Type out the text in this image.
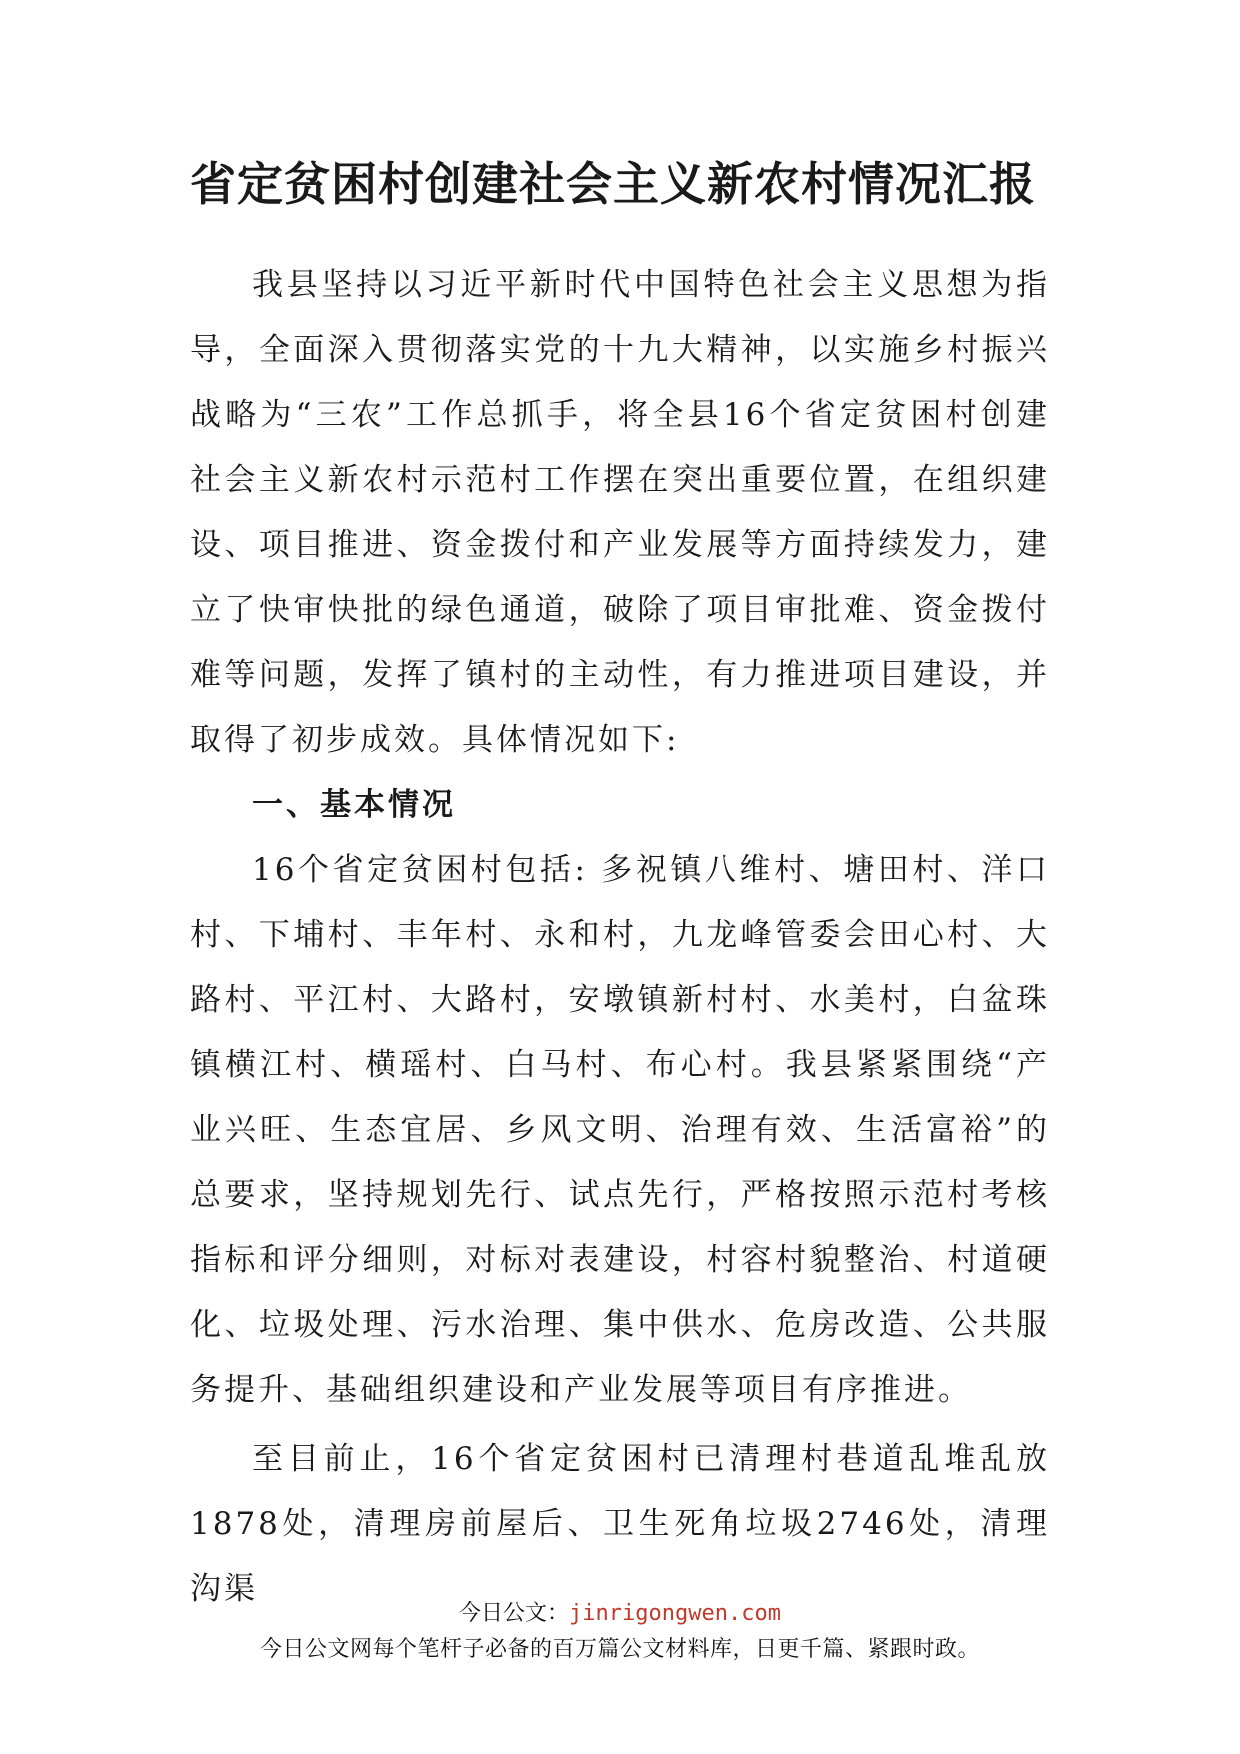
省定贫困村创建社会主义新农村情况汇报

我县坚持以习近平新时代中国特色社会主义思想为指导，全面深入贯彻落实党的十九大精神，以实施乡村振兴战略为“三农”工作总抓手，将全县16个省定贫困村创建社会主义新农村示范村工作摆在突出重要位置，在组织建设、项目推进、资金拨付和产业发展等方面持续发力，建立了快审快批的绿色通道，破除了项目审批难、资金拨付难等问题，发挥了镇村的主动性，有力推进项目建设，并取得了初步成效。具体情况如下:

一、基本情况

16个省定贫困村包括: 多祝镇八维村、塘田村、洋口村、下埔村、丰年村、永和村，九龙峰管委会田心村、大路村、平江村、大路村，安墩镇新村村、水美村，白盆珠镇横江村、横瑶村、白马村、布心村。我县紧紧围绕“产业兴旺、生态宜居、乡风文明、治理有效、生活富裕”的总要求，坚持规划先行、试点先行，严格按照示范村考核指标和评分细则，对标对表建设，村容村貌整治、村道硬化、垃圾处理、污水治理、集中供水、危房改造、公共服务提升、基础组织建设和产业发展等项目有序推进。

至目前止，16个省定贫困村已清理村巷道乱堆乱放1878处，清理房前屋后、卫生死角垃圾2746处，清理沟渠

今日公文：jinrigongwen.com
今日公文网每个笔杆子必备的百万篇公文材料库，日更千篇、紧跟时政。
